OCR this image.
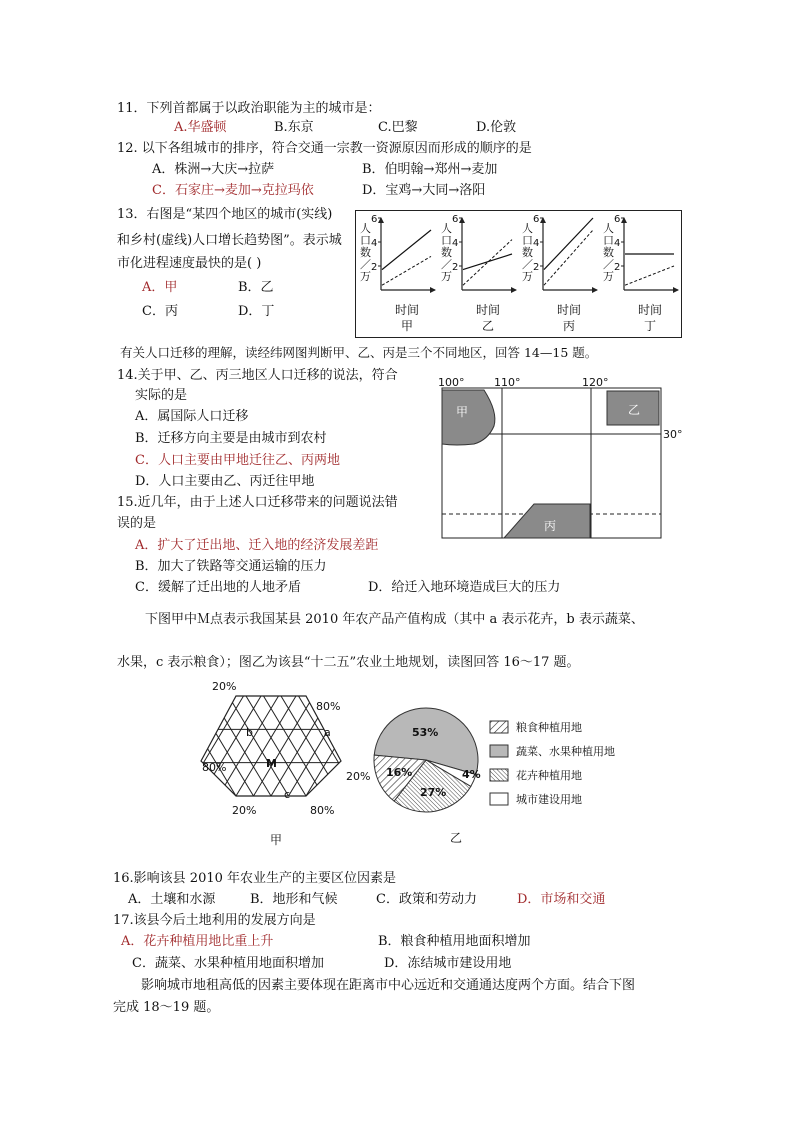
11．下列首都属于以政治职能为主的城市是：
A.华盛顿	B.东京	C.巴黎	D.伦敦
12. 以下各组城市的排序，符合交通一宗教一资源原因而形成的顺序的是
A．株洲→大庆→拉萨	B．伯明翰→郑州→麦加
C．石家庄→麦加→克拉玛依	D．宝鸡→大同→洛阳
13．右图是“某四个地区的城市(实线)
和乡村(虚线)人口增长趋势图”。表示城
市化进程速度最快的是( )
A．甲	B．乙
C．丙	D．丁
2
4
6
人
口
数
／
万
时间
甲
2
4
6
人
口
数
／
万
时间
乙
2
4
6
人
口
数
／
万
时间
丙
2
4
6
人
口
数
／
万
时间
丁
有关人口迁移的理解，读经纬网图判断甲、乙、丙是三个不同地区，回答 14—15 题。
14.关于甲、乙、丙三地区人口迁移的说法，符合
实际的是
A．属国际人口迁移
B．迁移方向主要是由城市到农村
C．人口主要由甲地迁往乙、丙两地
D．人口主要由乙、丙迁往甲地
100°	110°	120°
30°
甲	乙
丙
15.近几年，由于上述人口迁移带来的问题说法错
误的是
A．扩大了迁出地、迁入地的经济发展差距
B．加大了铁路等交通运输的压力
C．缓解了迁出地的人地矛盾	D．给迁入地环境造成巨大的压力
下图甲中Ｍ点表示我国某县 2010 年农产品产值构成（其中 a 表示花卉，b 表示蔬菜、
水果，c 表示粮食）；图乙为该县“十二五”农业土地规划，读图回答 16～17 题。
20%
80%
80%
20%
20%	80%
a
b
c
M
甲
53%
4%
27%
16%
粮食种植用地
蔬菜、水果种植用地
花卉种植用地
城市建设用地
乙
16.影响该县 2010 年农业生产的主要区位因素是
A．土壤和水源	B．地形和气候	C．政策和劳动力	D．市场和交通
17.该县今后土地利用的发展方向是
A．花卉种植用地比重上升	B．粮食种植用地面积增加
C．蔬菜、水果种植用地面积增加	D．冻结城市建设用地
影响城市地租高低的因素主要体现在距离市中心远近和交通通达度两个方面。结合下图
完成 18～19 题。
